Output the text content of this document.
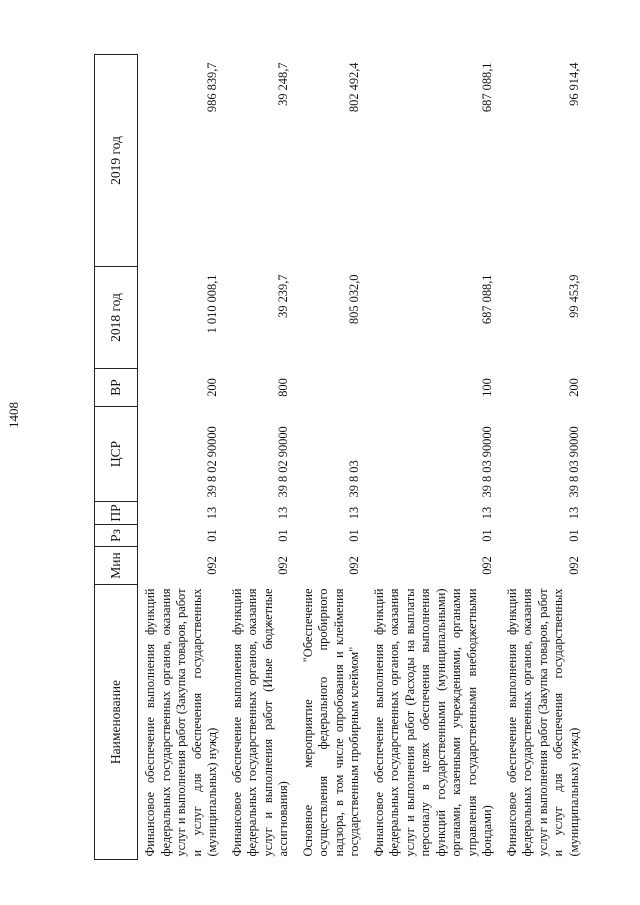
1408
Наименование	Мин	Рз	ПР	ЦСР	ВР	2018 год	2019 год
Финансовое обеспечение выполнения функций федеральных государственных органов, оказания услуг и выполнения работ (Закупка товаров, работ и услуг для обеспечения государственных (муниципальных) нужд)	092	01	13	39 8 02 90000	200	1 010 008,1	986 839,7
Финансовое обеспечение выполнения функций федеральных государственных органов, оказания услуг и выполнения работ (Иные бюджетные ассигнования)	092	01	13	39 8 02 90000	800	39 239,7	39 248,7
Основное мероприятие "Обеспечение осуществления федерального пробирного надзора, в том числе опробования и клеймения государственным пробирным клеймом"	092	01	13	39 8 03		805 032,0	802 492,4
Финансовое обеспечение выполнения функций федеральных государственных органов, оказания услуг и выполнения работ (Расходы на выплаты персоналу в целях обеспечения выполнения функций государственными (муниципальными) органами, казенными учреждениями, органами управления государственными внебюджетными фондами)	092	01	13	39 8 03 90000	100	687 088,1	687 088,1
Финансовое обеспечение выполнения функций федеральных государственных органов, оказания услуг и выполнения работ (Закупка товаров, работ и услуг для обеспечения государственных (муниципальных) нужд)	092	01	13	39 8 03 90000	200	99 453,9	96 914,4
